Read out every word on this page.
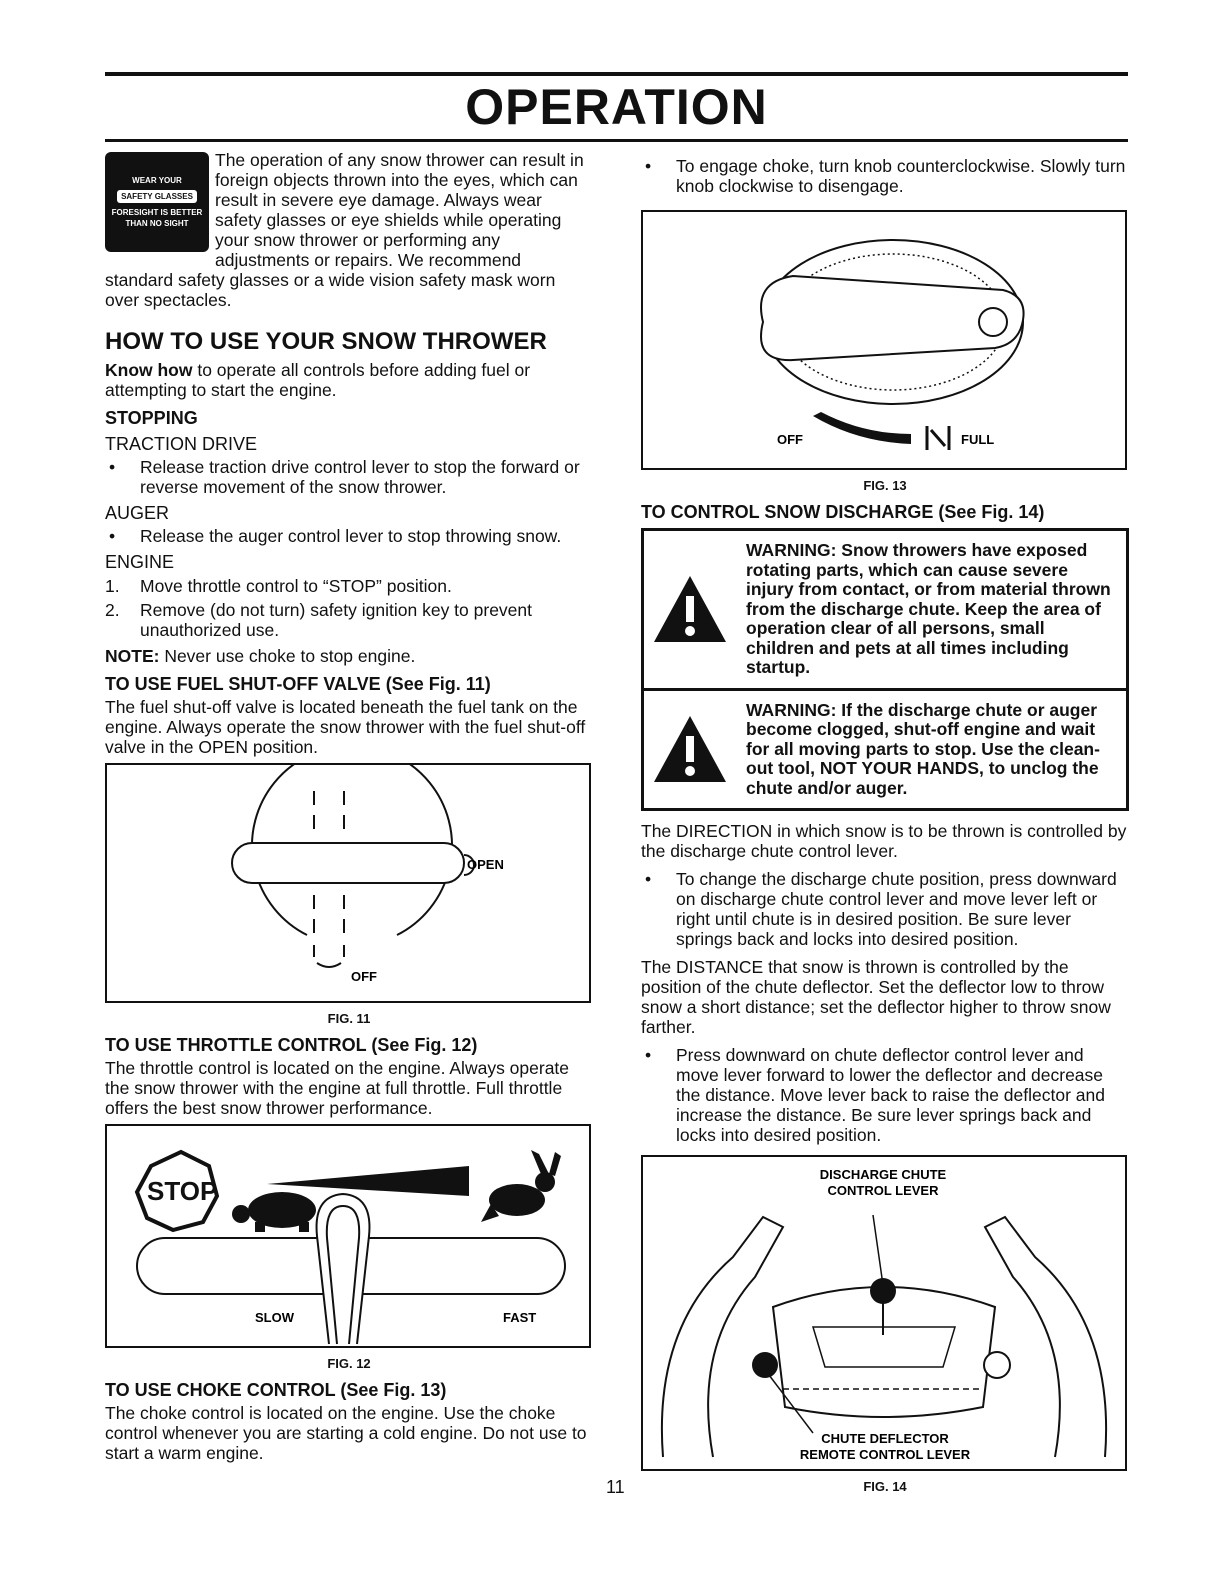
OPERATION
WEAR YOUR
SAFETY GLASSES
FORESIGHT IS BETTER THAN NO SIGHT

The operation of any snow thrower can result in foreign objects thrown into the eyes, which can result in severe eye damage. Always wear safety glasses or eye shields while operating your snow thrower or performing any adjustments or repairs. We recommend standard safety glasses or a wide vision safety mask worn over spectacles.

HOW TO USE YOUR SNOW THROWER

Know how to operate all controls before adding fuel or attempting to start the engine.

STOPPING
TRACTION DRIVE

• Release traction drive control lever to stop the forward or reverse movement of the snow thrower.

AUGER

• Release the auger control lever to stop throwing snow.

ENGINE

1. Move throttle control to “STOP” position.

2. Remove (do not turn) safety ignition key to prevent unauthorized use.

NOTE: Never use choke to stop engine.

TO USE FUEL SHUT-OFF VALVE (See Fig. 11)

The fuel shut-off valve is located beneath the fuel tank on the engine. Always operate the snow thrower with the fuel shut-off valve in the OPEN position.

OPEN
OFF
FIG. 11
TO USE THROTTLE CONTROL (See Fig. 12)

The throttle control is located on the engine. Always operate the snow thrower with the engine at full throttle. Full throttle offers the best snow thrower performance.

STOP
SLOW	FAST
FIG. 12
TO USE CHOKE CONTROL (See Fig. 13)

The choke control is located on the engine. Use the choke control whenever you are starting a cold engine. Do not use to start a warm engine.

• To engage choke, turn knob counterclockwise. Slowly turn knob clockwise to disengage.

OFF	FULL
FIG. 13
TO CONTROL SNOW DISCHARGE (See Fig. 14)
WARNING: Snow throwers have exposed rotating parts, which can cause severe injury from contact, or from material thrown from the discharge chute. Keep the area of operation clear of all persons, small children and pets at all times including startup.
WARNING: If the discharge chute or auger become clogged, shut-off engine and wait for all moving parts to stop. Use the clean-out tool, NOT YOUR HANDS, to unclog the chute and/or auger.

The DIRECTION in which snow is to be thrown is controlled by the discharge chute control lever.

• To change the discharge chute position, press downward on discharge chute control lever and move lever left or right until chute is in desired position. Be sure lever springs back and locks into desired position.

The DISTANCE that snow is thrown is controlled by the position of the chute deflector. Set the deflector low to throw snow a short distance; set the deflector higher to throw snow farther.

• Press downward on chute deflector control lever and move lever forward to lower the deflector and decrease the distance. Move lever back to raise the deflector and increase the distance. Be sure lever springs back and locks into desired position.

DISCHARGE CHUTE
CONTROL LEVER
CHUTE DEFLECTOR
REMOTE CONTROL LEVER
FIG. 14
11
